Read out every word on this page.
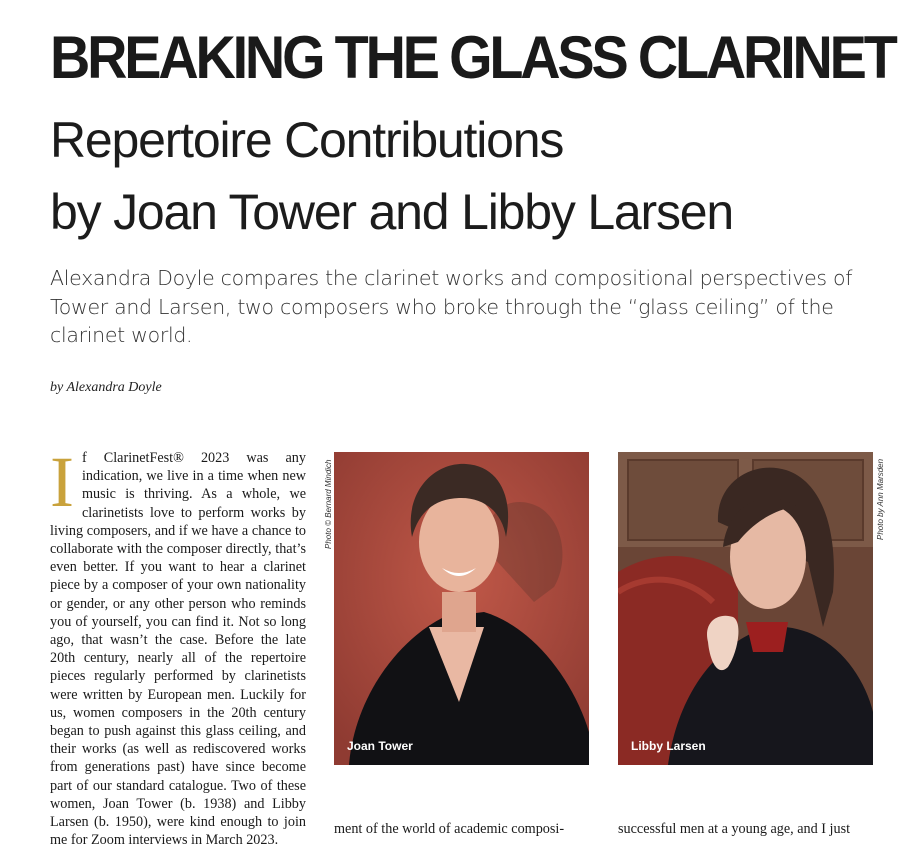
BREAKING THE GLASS CLARINET
Repertoire Contributions
by Joan Tower and Libby Larsen
Alexandra Doyle compares the clarinet works and compositional perspectives of Tower and Larsen, two composers who broke through the “glass ceiling” of the clarinet world.
by Alexandra Doyle
If ClarinetFest® 2023 was any indication, we live in a time when new music is thriving. As a whole, we clarinetists love to perform works by living composers, and if we have a chance to collaborate with the composer directly, that’s even better. If you want to hear a clarinet piece by a composer of your own nationality or gender, or any other person who reminds you of yourself, you can find it. Not so long ago, that wasn’t the case. Before the late 20th century, nearly all of the repertoire pieces regularly performed by clarinetists were written by European men. Luckily for us, women composers in the 20th century began to push against this glass ceiling, and their works (as well as rediscovered works from generations past) have since become part of our standard catalogue. Two of these women, Joan Tower (b. 1938) and Libby Larsen (b. 1950), were kind enough to join me for Zoom interviews in March 2023.
ment of the world of academic composi-	successful men at a young age, and I just
Photo © Bernard Mindich
Joan Tower
Photo by Ann Marsden
Libby Larsen
